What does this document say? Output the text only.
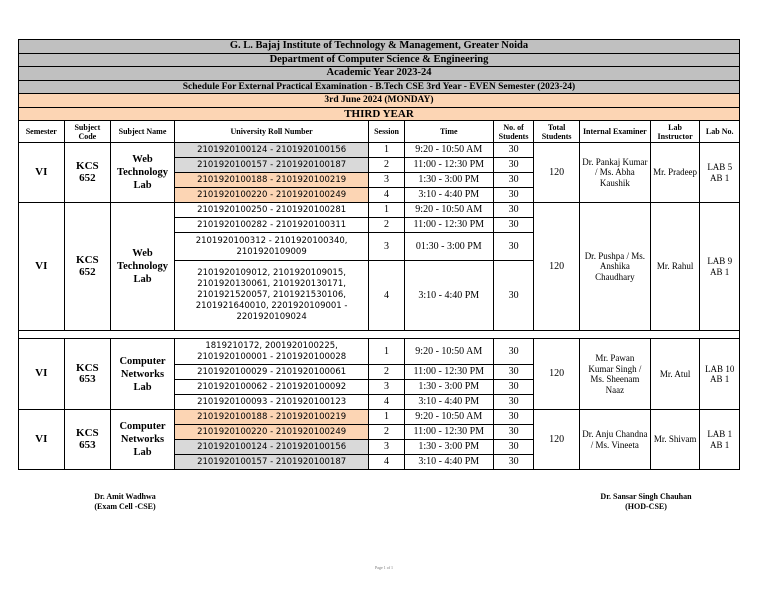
G. L. Bajaj Institute of Technology & Management, Greater Noida										
Department of Computer Science & Engineering										
Academic Year 2023-24										
Schedule For External Practical Examination - B.Tech CSE 3rd Year - EVEN Semester (2023-24)										
3rd June 2024 (MONDAY)										
THIRD YEAR										
Semester	Subject Code	Subject Name	University Roll Number	Session	Time	No. of Students	Total Students	Internal Examiner	Lab Instructor	Lab No.
VI	KCS 652	Web Technology Lab	2101920100124 - 2101920100156	1	9:20 - 10:50 AM	30	120	Dr. Pankaj Kumar / Ms. Abha Kaushik	Mr. Pradeep	LAB 5 AB 1
			2101920100157 - 2101920100187	2	11:00 - 12:30 PM	30				
			2101920100188 - 2101920100219	3	1:30 - 3:00 PM	30				
			2101920100220 - 2101920100249	4	3:10 - 4:40 PM	30				
VI	KCS 652	Web Technology Lab	2101920100250 - 2101920100281	1	9:20 - 10:50 AM	30	120	Dr. Pushpa / Ms. Anshika Chaudhary	Mr. Rahul	LAB 9 AB 1
			2101920100282 - 2101920100311	2	11:00 - 12:30 PM	30				
			2101920100312 - 2101920100340, 2101920109009	3	01:30 - 3:00 PM	30				
			2101920109012, 2101920109015, 2101920130061, 2101920130171, 2101921520057, 2101921530106, 2101921640010, 2201920109001 - 2201920109024	4	3:10 - 4:40 PM	30				

VI	KCS 653	Computer Networks Lab	1819210172, 2001920100225, 2101920100001 - 2101920100028	1	9:20 - 10:50 AM	30	120	Mr. Pawan Kumar Singh / Ms. Sheenam Naaz	Mr. Atul	LAB 10 AB 1
			2101920100029 - 2101920100061	2	11:00 - 12:30 PM	30				
			2101920100062 - 2101920100092	3	1:30 - 3:00 PM	30				
			2101920100093 - 2101920100123	4	3:10 - 4:40 PM	30				
VI	KCS 653	Computer Networks Lab	2101920100188 - 2101920100219	1	9:20 - 10:50 AM	30	120	Dr. Anju Chandna / Ms. Vineeta	Mr. Shivam	LAB 1 AB 1
			2101920100220 - 2101920100249	2	11:00 - 12:30 PM	30				
			2101920100124 - 2101920100156	3	1:30 - 3:00 PM	30				
			2101920100157 - 2101920100187	4	3:10 - 4:40 PM	30				
Dr. Amit Wadhwa
(Exam Cell -CSE)
Dr. Sansar Singh Chauhan
(HOD-CSE)
Page 1 of 1
